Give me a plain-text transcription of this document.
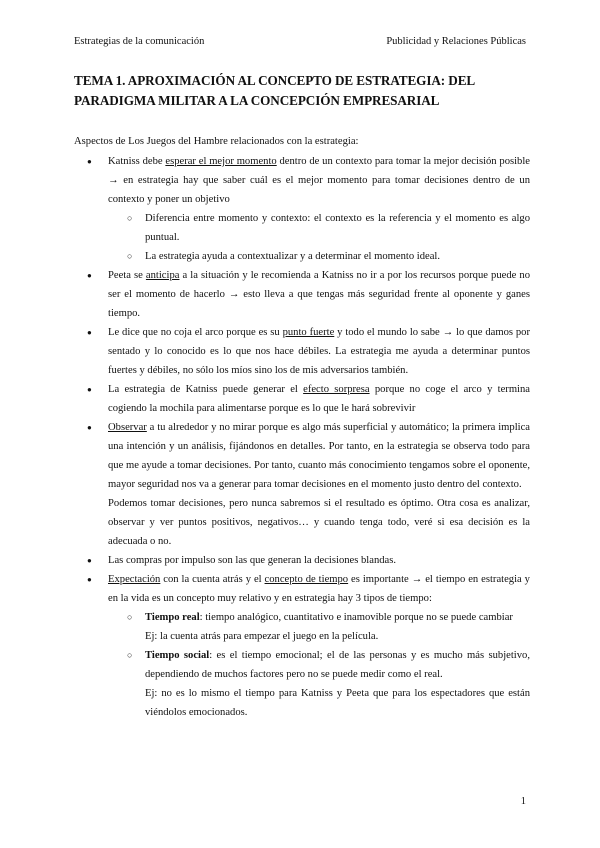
Estrategias de la comunicación	Publicidad y Relaciones Públicas
TEMA 1. APROXIMACIÓN AL CONCEPTO DE ESTRATEGIA: DEL PARADIGMA MILITAR A LA CONCEPCIÓN EMPRESARIAL

Aspectos de Los Juegos del Hambre relacionados con la estrategia:

● Katniss debe esperar el mejor momento dentro de un contexto para tomar la mejor decisión posible → en estrategia hay que saber cuál es el mejor momento para tomar decisiones dentro de un contexto y poner un objetivo
○ Diferencia entre momento y contexto: el contexto es la referencia y el momento es algo puntual.
○ La estrategia ayuda a contextualizar y a determinar el momento ideal.
● Peeta se anticipa a la situación y le recomienda a Katniss no ir a por los recursos porque puede no ser el momento de hacerlo → esto lleva a que tengas más seguridad frente al oponente y ganes tiempo.
● Le dice que no coja el arco porque es su punto fuerte y todo el mundo lo sabe → lo que damos por sentado y lo conocido es lo que nos hace débiles. La estrategia me ayuda a determinar puntos fuertes y débiles, no sólo los míos sino los de mis adversarios también.
● La estrategia de Katniss puede generar el efecto sorpresa porque no coge el arco y termina cogiendo la mochila para alimentarse porque es lo que le hará sobrevivir
● Observar a tu alrededor y no mirar porque es algo más superficial y automático; la primera implica una intención y un análisis, fijándonos en detalles. Por tanto, en la estrategia se observa todo para que me ayude a tomar decisiones. Por tanto, cuanto más conocimiento tengamos sobre el oponente, mayor seguridad nos va a generar para tomar decisiones en el momento justo dentro del contexto.
Podemos tomar decisiones, pero nunca sabremos si el resultado es óptimo. Otra cosa es analizar, observar y ver puntos positivos, negativos… y cuando tenga todo, veré si esa decisión es la adecuada o no.
● Las compras por impulso son las que generan la decisiones blandas.
● Expectación con la cuenta atrás y el concepto de tiempo es importante → el tiempo en estrategia y en la vida es un concepto muy relativo y en estrategia hay 3 tipos de tiempo:
○ Tiempo real: tiempo analógico, cuantitativo e inamovible porque no se puede cambiar
Ej: la cuenta atrás para empezar el juego en la película.
○ Tiempo social: es el tiempo emocional; el de las personas y es mucho más subjetivo, dependiendo de muchos factores pero no se puede medir como el real.
Ej: no es lo mismo el tiempo para Katniss y Peeta que para los espectadores que están viéndolos emocionados.
1
